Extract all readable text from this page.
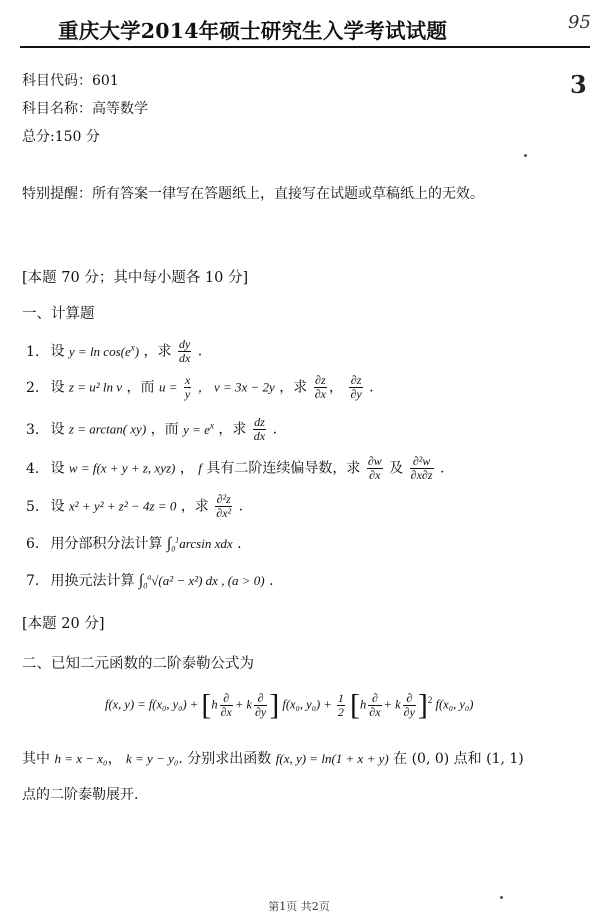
重庆大学2014年硕士研究生入学考试试题	95
3
科目代码：601
科目名称：高等数学
总分:150 分
特别提醒：所有答案一律写在答题纸上，直接写在试题或草稿纸上的无效。
[本题 70 分；其中每小题各 10 分]
一、计算题
1. 设 $y = \ln \cos(e^x)$ ，求 $\frac{dy}{dx}$ .
2. 设 z = u² ln v ，而 $u = \frac{x}{y}$ ， v = 3x − 2y ，求 $\frac{\partial z}{\partial x}$ ， $\frac{\partial z}{\partial y}$ .
3. 设 z = arctan( xy) ，而 $y = e^x$ ，求 $\frac{dz}{dx}$ .
4. 设 w = f(x + y + z, xyz) ， f 具有二阶连续偏导数，求 $\frac{\partial w}{\partial x}$ 及 $\frac{\text{∂²w}}{\partial x\partial z}$ .
5. 设 x² + y² + z² − 4z = 0 ，求 $\frac{\text{∂²z}}{\text{∂x²}}$ .
6. 用分部积分法计算 $\int_0^1\arcsin$ xdx .
7. 用换元法计算 $\int_0^a√(a^2 - x^2)$ dx , (a > 0) .
[本题 20 分]
二、已知二元函数的二阶泰勒公式为
f(x, y) = f(x₀, $y_0) + [h \frac{\partial}{\partial x} + k \frac{\partial}{\partial y}$ ] f(x₀, $y_0) + \frac{1}{2} [h \frac{\partial}{\partial x} + k \frac{\partial}{\partial y} ]^2$ f(x₀, y₀)
其中 h = x − x₀， k = y − y₀. 分别求出函数 f(x, y) = ln(1 + x + y) 在 (0, 0) 点和 (1, 1)
点的二阶泰勒展开.
第1页 共2页
